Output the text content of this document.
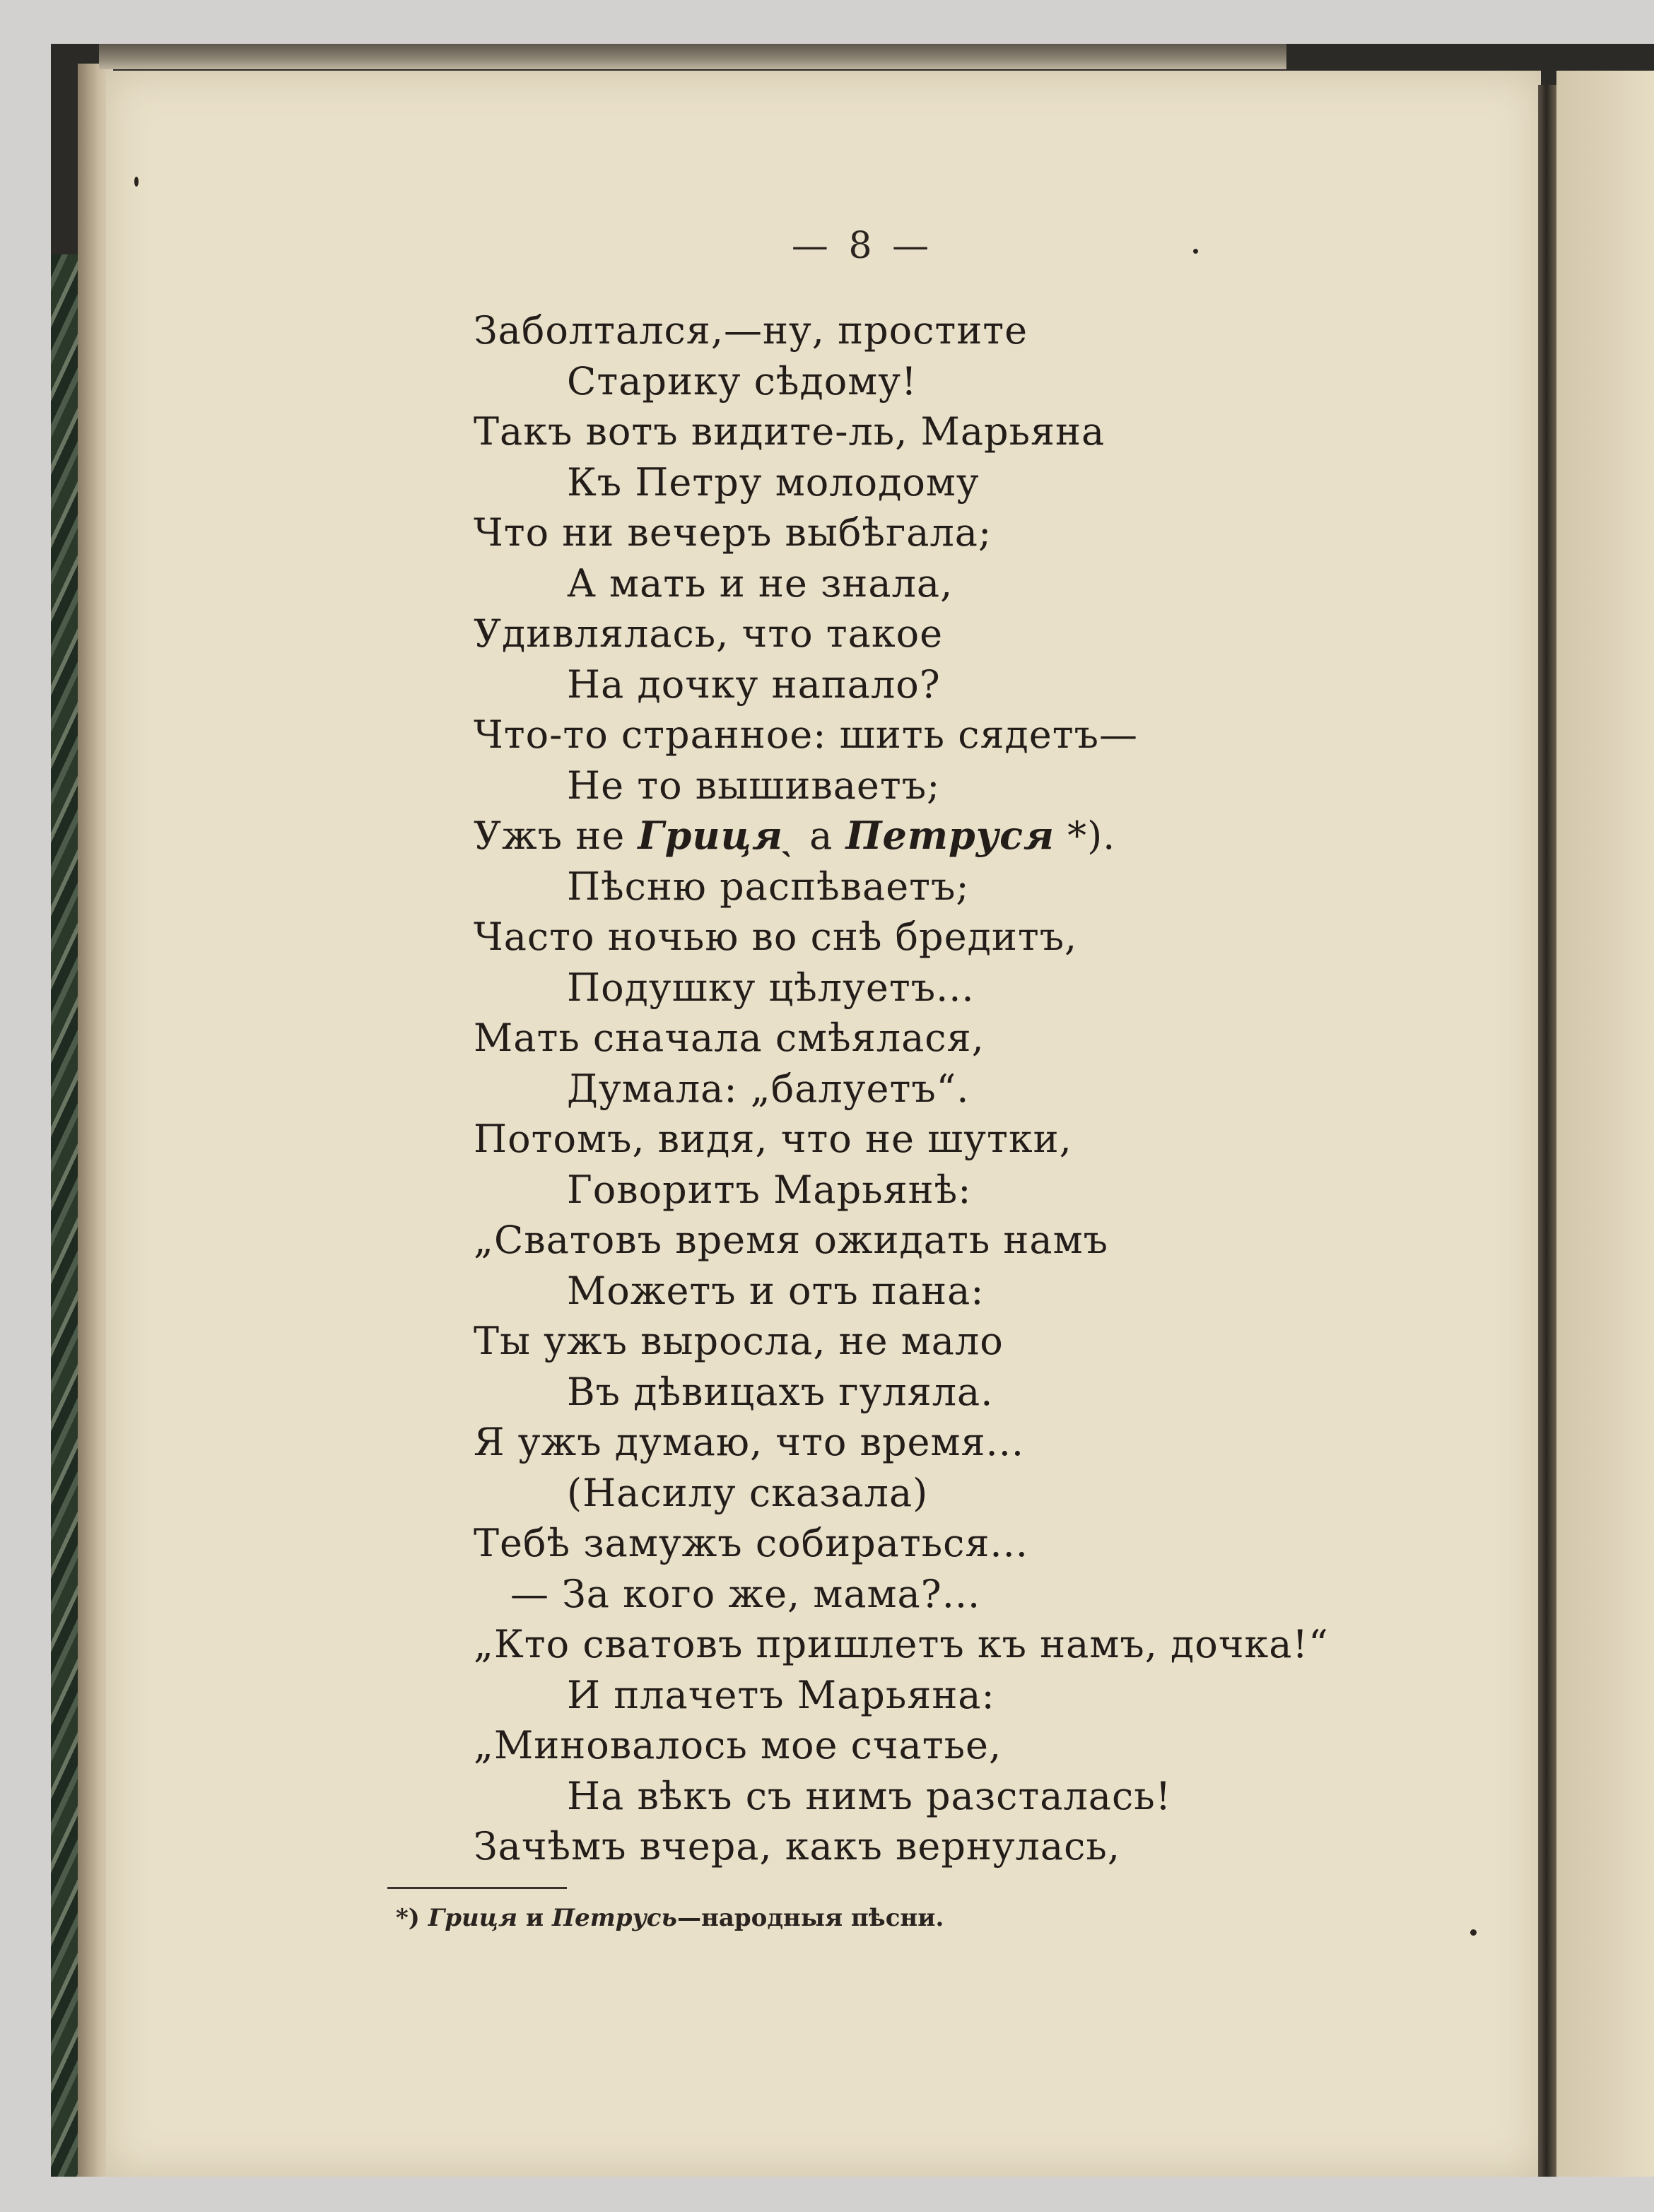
— 8 —
Заболтался,—ну, простите
Старику сѣдому!
Такъ вотъ видите-ль, Марьяна
Къ Петру молодому
Что ни вечеръ выбѣгала;
А мать и не знала,
Удивлялась, что такое
На дочку напало?
Что-то странное: шить сядетъ—
Не то вышиваетъ;
Ужъ не Грицяˎ а Петруся *).
Пѣсню распѣваетъ;
Часто ночью во снѣ бредитъ,
Подушку цѣлуетъ...
Мать сначала смѣялася,
Думала: „балуетъ“.
Потомъ, видя, что не шутки,
Говоритъ Марьянѣ:
„Сватовъ время ожидать намъ
Можетъ и отъ пана:
Ты ужъ выросла, не мало
Въ дѣвицахъ гуляла.
Я ужъ думаю, что время...
(Насилу сказала)
Тебѣ замужъ собираться...
— За кого же, мама?...
„Кто сватовъ пришлетъ къ намъ, дочка!“
И плачетъ Марьяна:
„Миновалось мое счатье,
На вѣкъ съ нимъ разсталась!
Зачѣмъ вчера, какъ вернулась,
*) Гриця и Петрусь—народныя пѣсни.
